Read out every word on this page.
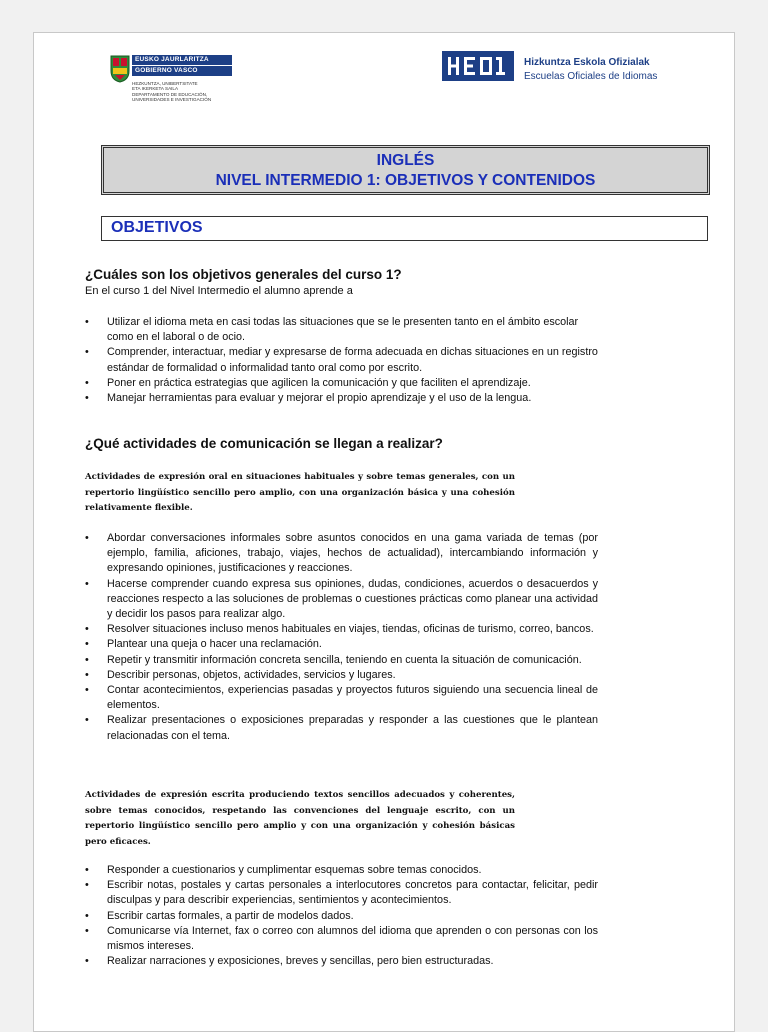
EUSKO JAURLARITZA
GOBIERNO VASCO
HEZKUNTZA, UNIBERTSITATE
ETA IKERKETA SAILA
DEPARTAMENTO DE EDUCACIÓN,
UNIVERSIDADES E INVESTIGACIÓN
Hizkuntza Eskola Ofizialak
Escuelas Oficiales de Idiomas
INGLÉS
NIVEL INTERMEDIO 1: OBJETIVOS Y CONTENIDOS
OBJETIVOS
¿Cuáles son los objetivos generales del curso 1?
En el curso 1 del Nivel Intermedio el alumno aprende a
• Utilizar el idioma meta en casi todas las situaciones que se le presenten tanto en el ámbito escolar como en el laboral o de ocio.
• Comprender, interactuar, mediar y expresarse de forma adecuada en dichas situaciones en un registro estándar de formalidad o informalidad tanto oral como por escrito.
• Poner en práctica estrategias que agilicen la comunicación y que faciliten el aprendizaje.
• Manejar herramientas para evaluar y mejorar el propio aprendizaje y el uso de la lengua.
¿Qué actividades de comunicación se llegan a realizar?
Actividades de expresión oral en situaciones habituales y sobre temas generales, con un repertorio lingüístico sencillo pero amplio, con una organización básica y una cohesión relativamente flexible.
• Abordar conversaciones informales sobre asuntos conocidos en una gama variada de temas (por ejemplo, familia, aficiones, trabajo, viajes, hechos de actualidad), intercambiando información y expresando opiniones, justificaciones y reacciones.
• Hacerse comprender cuando expresa sus opiniones, dudas, condiciones, acuerdos o desacuerdos y reacciones respecto a las soluciones de problemas o cuestiones prácticas como planear una actividad y decidir los pasos para realizar algo.
• Resolver situaciones incluso menos habituales en viajes, tiendas, oficinas de turismo, correo, bancos.
• Plantear una queja o hacer una reclamación.
• Repetir y transmitir información concreta sencilla, teniendo en cuenta la situación de comunicación.
• Describir personas, objetos, actividades, servicios y lugares.
• Contar acontecimientos, experiencias pasadas y proyectos futuros siguiendo una secuencia lineal de elementos.
• Realizar presentaciones o exposiciones preparadas y responder a las cuestiones que le plantean relacionadas con el tema.
Actividades de expresión escrita produciendo textos sencillos adecuados y coherentes, sobre temas conocidos, respetando las convenciones del lenguaje escrito, con un repertorio lingüístico sencillo pero amplio y con una organización y cohesión básicas pero eficaces.
• Responder a cuestionarios y cumplimentar esquemas sobre temas conocidos.
• Escribir notas, postales y cartas personales a interlocutores concretos para contactar, felicitar, pedir disculpas y para describir experiencias, sentimientos y acontecimientos.
• Escribir cartas formales, a partir de modelos dados.
• Comunicarse vía Internet, fax o correo con alumnos del idioma que aprenden o con personas con los mismos intereses.
• Realizar narraciones y exposiciones, breves y sencillas, pero bien estructuradas.
